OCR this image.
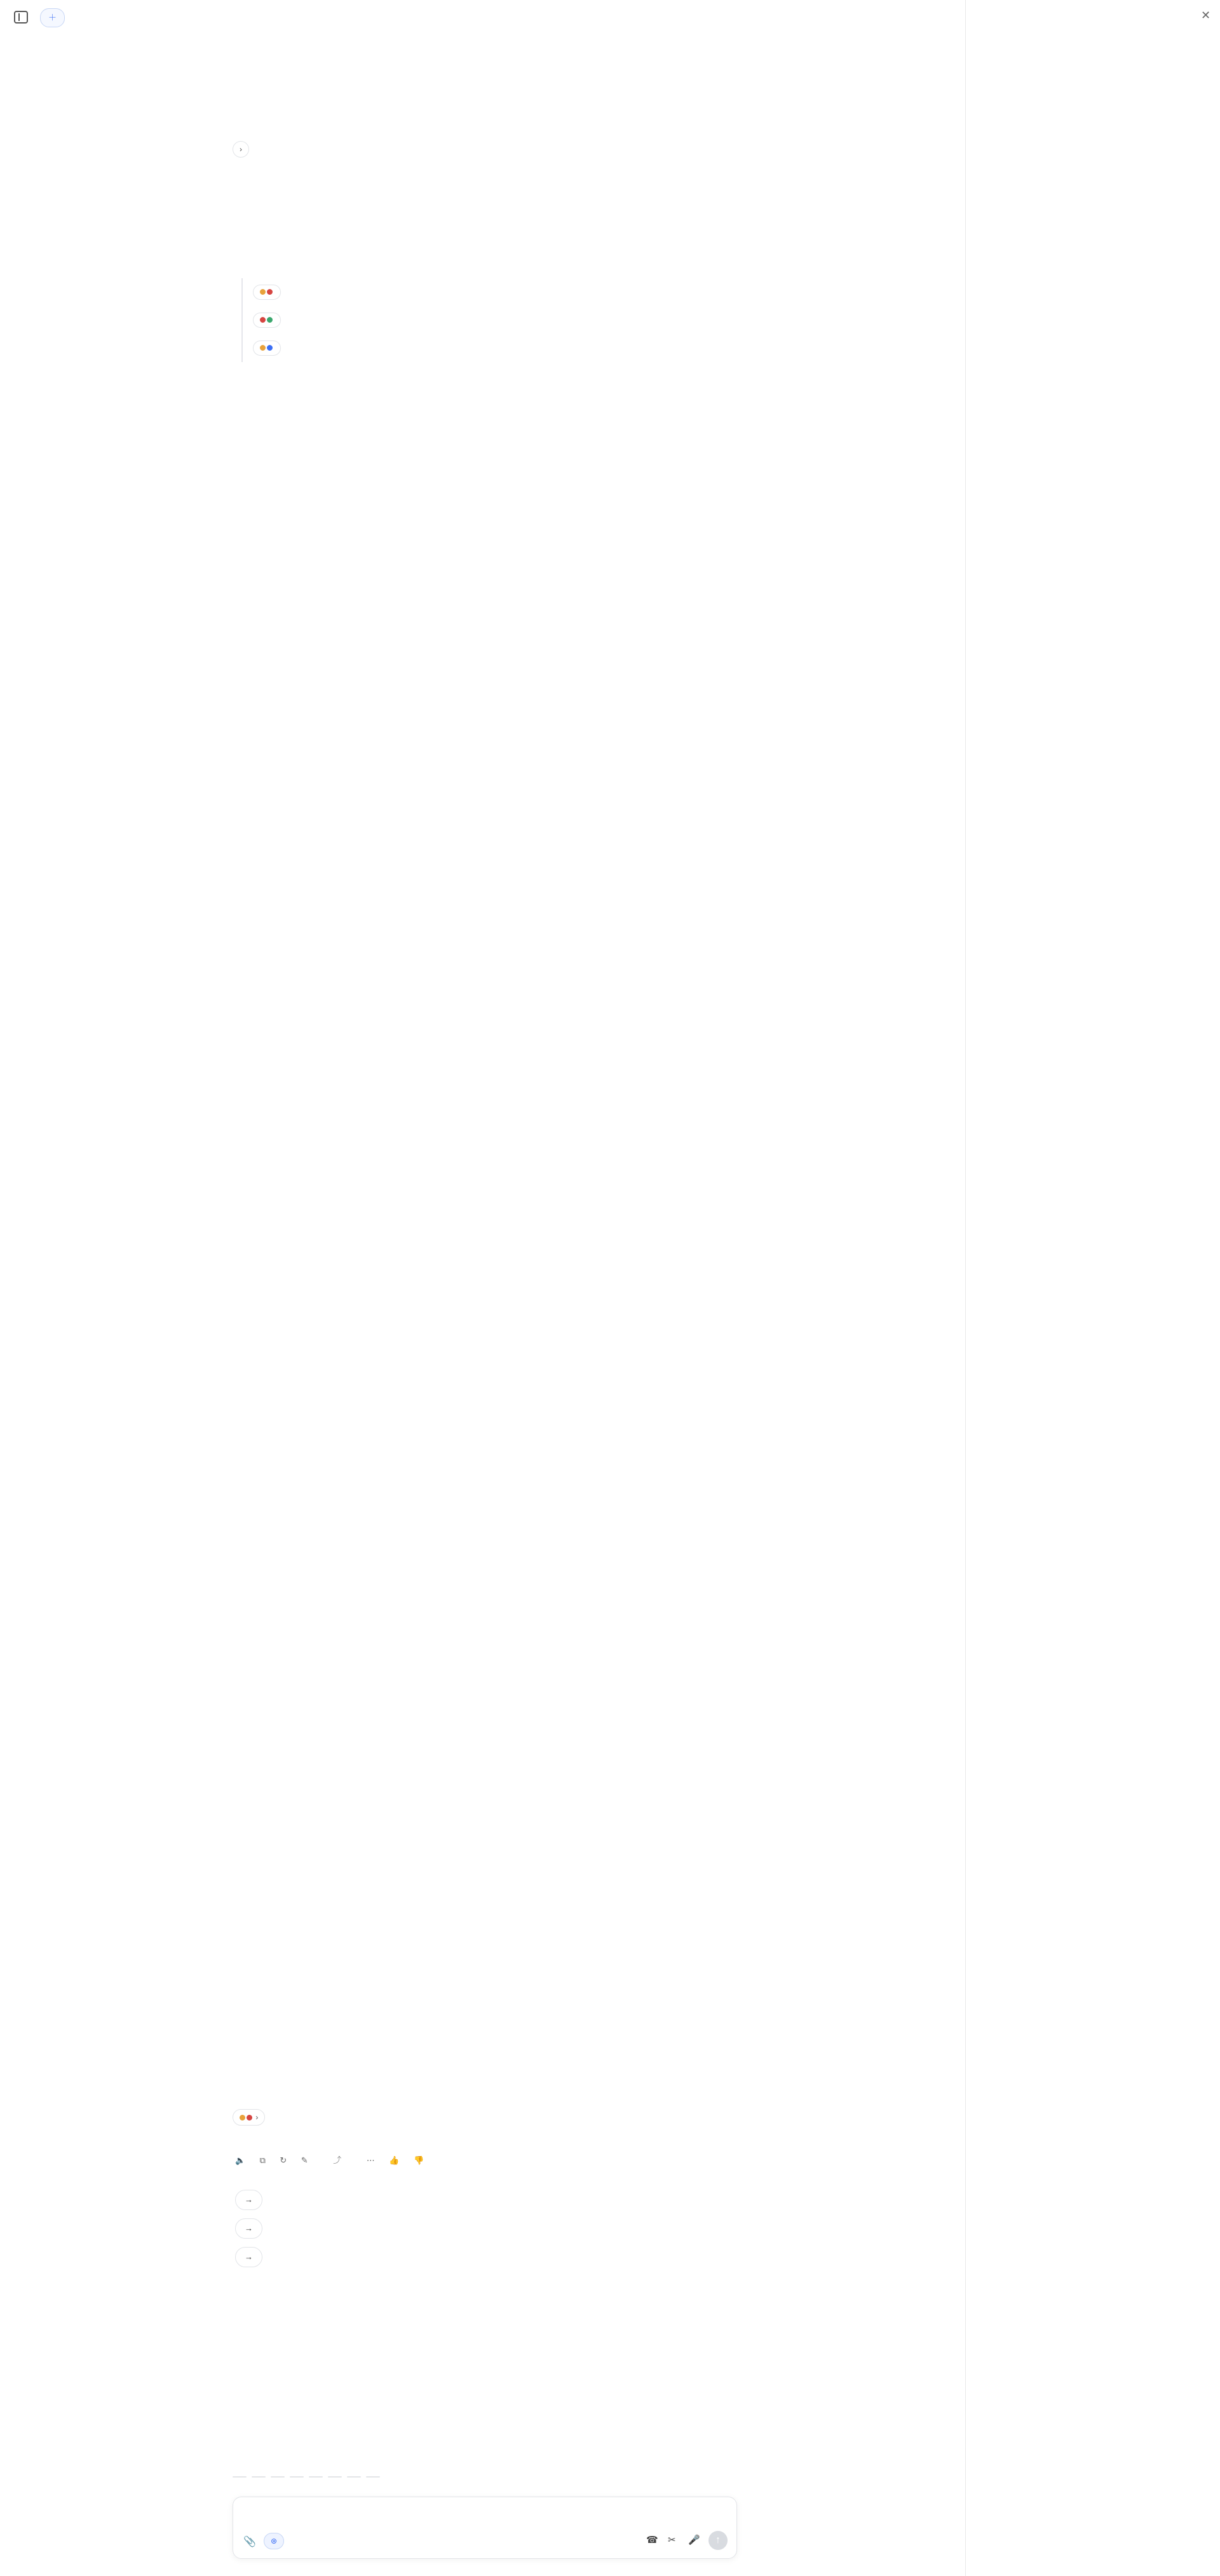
＋
›
›
🔈 ⧉ ↻ ✎	⤴	⋯ 👍 👎
→
→
→
📎	⊛	☎ ✂ 🎤	↑
✕
